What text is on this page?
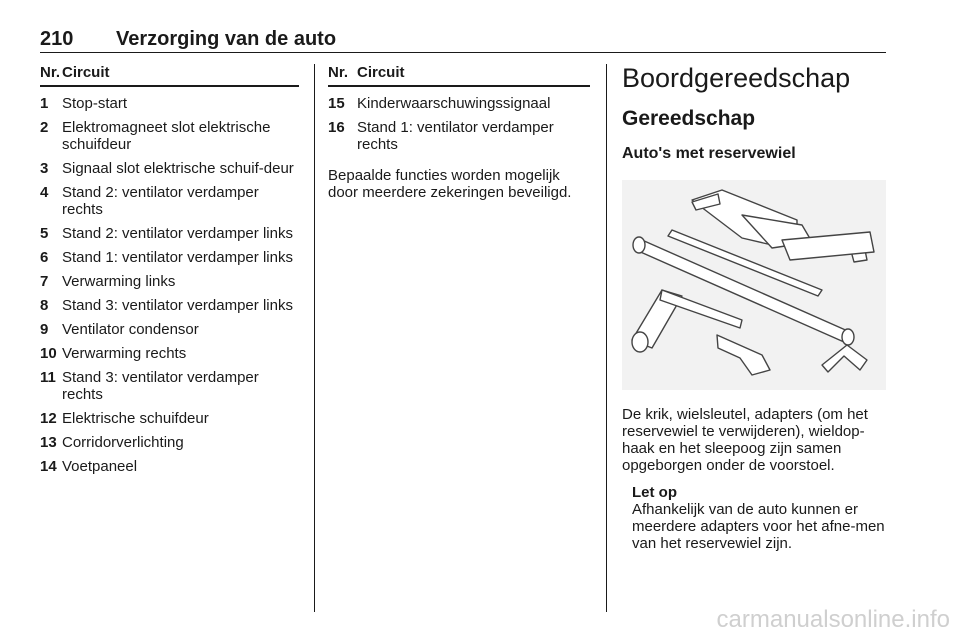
210 Verzorging van de auto
Nr. Circuit
1 Stop-start
2 Elektromagneet slot elektrische schuifdeur
3 Signaal slot elektrische schuif-deur
4 Stand 2: ventilator verdamper rechts
5 Stand 2: ventilator verdamper links
6 Stand 1: ventilator verdamper links
7 Verwarming links
8 Stand 3: ventilator verdamper links
9 Ventilator condensor
10 Verwarming rechts
11 Stand 3: ventilator verdamper rechts
12 Elektrische schuifdeur
13 Corridorverlichting
14 Voetpaneel
Nr. Circuit
15 Kinderwaarschuwingssignaal
16 Stand 1: ventilator verdamper rechts
Bepaalde functies worden mogelijk door meerdere zekeringen beveiligd.
Boordgereedschap
Gereedschap
Auto's met reservewiel
De krik, wielsleutel, adapters (om het reservewiel te verwijderen), wieldop-haak en het sleepoog zijn samen opgeborgen onder de voorstoel.
Let op
Afhankelijk van de auto kunnen er meerdere adapters voor het afne-men van het reservewiel zijn.
carmanualsonline.info
